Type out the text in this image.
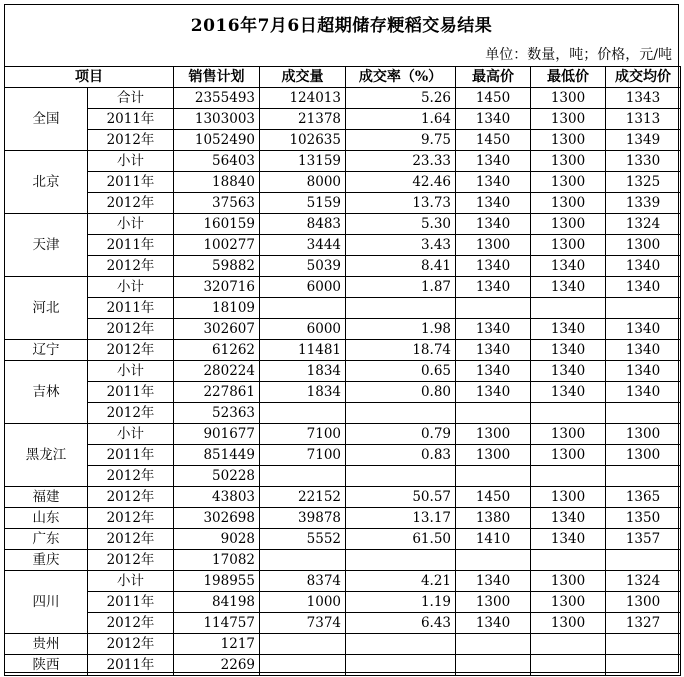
2016年7月6日超期储存粳稻交易结果
单位：数量，吨；价格，元/吨
项目		销售计划	成交量	成交率（%）	最高价	最低价	成交均价
全国	合计	2355493	124013	5.26	1450	1300	1343
	2011年	1303003	21378	1.64	1340	1300	1313
	2012年	1052490	102635	9.75	1450	1300	1349
北京	小计	56403	13159	23.33	1340	1300	1330
	2011年	18840	8000	42.46	1340	1300	1325
	2012年	37563	5159	13.73	1340	1300	1339
天津	小计	160159	8483	5.30	1340	1300	1324
	2011年	100277	3444	3.43	1300	1300	1300
	2012年	59882	5039	8.41	1340	1340	1340
河北	小计	320716	6000	1.87	1340	1340	1340
	2011年	18109					
	2012年	302607	6000	1.98	1340	1340	1340
辽宁	2012年	61262	11481	18.74	1340	1340	1340
吉林	小计	280224	1834	0.65	1340	1340	1340
	2011年	227861	1834	0.80	1340	1340	1340
	2012年	52363					
黑龙江	小计	901677	7100	0.79	1300	1300	1300
	2011年	851449	7100	0.83	1300	1300	1300
	2012年	50228					
福建	2012年	43803	22152	50.57	1450	1300	1365
山东	2012年	302698	39878	13.17	1380	1340	1350
广东	2012年	9028	5552	61.50	1410	1340	1357
重庆	2012年	17082					
四川	小计	198955	8374	4.21	1340	1300	1324
	2011年	84198	1000	1.19	1300	1300	1300
	2012年	114757	7374	6.43	1340	1300	1327
贵州	2012年	1217					
陕西	2011年	2269					
